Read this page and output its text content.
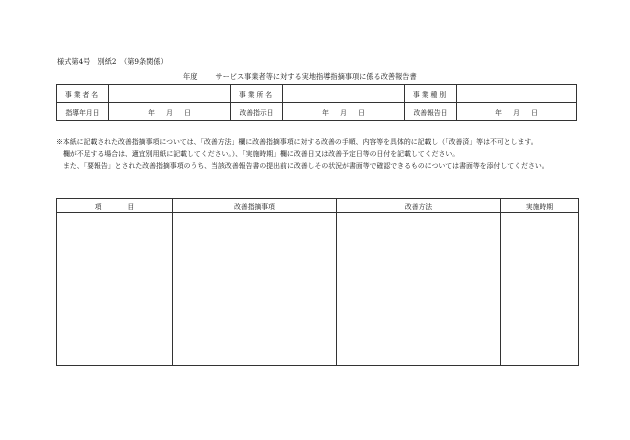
様式第4号　別紙2　（第9条関係）
年度	サービス事業者等に対する実地指導指摘事項に係る改善報告書
事業者名		事業所名		事業種別	
指導年月日	年 月 日	改善指示日	年 月 日	改善報告日	年 月 日

※本紙に記載された改善指摘事項については、「改善方法」欄に改善指摘事項に対する改善の手順、内容等を具体的に記載し（「改善済」等は不可とします。

欄が不足する場合は、適宜別用紙に記載してください。）、「実施時期」欄に改善日又は改善予定日等の日付を記載してください。

また、「要報告」とされた改善指摘事項のうち、当該改善報告書の提出前に改善しその状況が書面等で確認できるものについては書面等を添付してください。

項 目	改善指摘事項	改善方法	実施時期
